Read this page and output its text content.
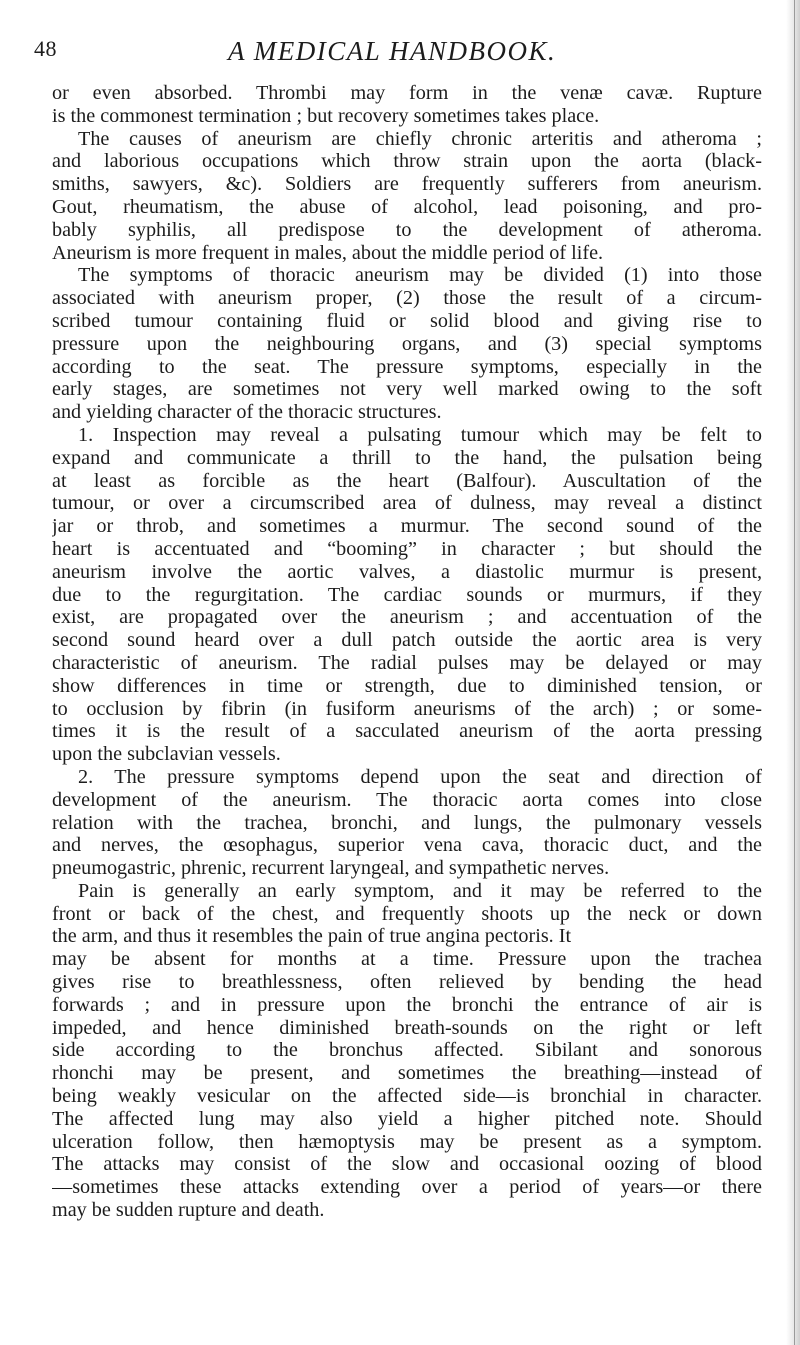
48	A MEDICAL HANDBOOK.
or even absorbed. Thrombi may form in the venæ cavæ. Rupture
is the commonest termination ; but recovery sometimes takes place.
The causes of aneurism are chiefly chronic arteritis and atheroma ;
and laborious occupations which throw strain upon the aorta (black-
smiths, sawyers, &c). Soldiers are frequently sufferers from aneurism.
Gout, rheumatism, the abuse of alcohol, lead poisoning, and pro-
bably syphilis, all predispose to the development of atheroma.
Aneurism is more frequent in males, about the middle period of life.
The symptoms of thoracic aneurism may be divided (1) into those
associated with aneurism proper, (2) those the result of a circum-
scribed tumour containing fluid or solid blood and giving rise to
pressure upon the neighbouring organs, and (3) special symptoms
according to the seat. The pressure symptoms, especially in the
early stages, are sometimes not very well marked owing to the soft
and yielding character of the thoracic structures.
1. Inspection may reveal a pulsating tumour which may be felt to
expand and communicate a thrill to the hand, the pulsation being
at least as forcible as the heart (Balfour). Auscultation of the
tumour, or over a circumscribed area of dulness, may reveal a distinct
jar or throb, and sometimes a murmur. The second sound of the
heart is accentuated and “booming” in character ; but should the
aneurism involve the aortic valves, a diastolic murmur is present,
due to the regurgitation. The cardiac sounds or murmurs, if they
exist, are propagated over the aneurism ; and accentuation of the
second sound heard over a dull patch outside the aortic area is very
characteristic of aneurism. The radial pulses may be delayed or may
show differences in time or strength, due to diminished tension, or
to occlusion by fibrin (in fusiform aneurisms of the arch) ; or some-
times it is the result of a sacculated aneurism of the aorta pressing
upon the subclavian vessels.
2. The pressure symptoms depend upon the seat and direction of
development of the aneurism. The thoracic aorta comes into close
relation with the trachea, bronchi, and lungs, the pulmonary vessels
and nerves, the œsophagus, superior vena cava, thoracic duct, and the
pneumogastric, phrenic, recurrent laryngeal, and sympathetic nerves.
Pain is generally an early symptom, and it may be referred to the
front or back of the chest, and frequently shoots up the neck or down
the arm, and thus it resembles the pain of true angina pectoris. It
may be absent for months at a time. Pressure upon the trachea
gives rise to breathlessness, often relieved by bending the head
forwards ; and in pressure upon the bronchi the entrance of air is
impeded, and hence diminished breath-sounds on the right or left
side according to the bronchus affected. Sibilant and sonorous
rhonchi may be present, and sometimes the breathing—instead of
being weakly vesicular on the affected side—is bronchial in character.
The affected lung may also yield a higher pitched note. Should
ulceration follow, then hæmoptysis may be present as a symptom.
The attacks may consist of the slow and occasional oozing of blood
—sometimes these attacks extending over a period of years—or there
may be sudden rupture and death.
